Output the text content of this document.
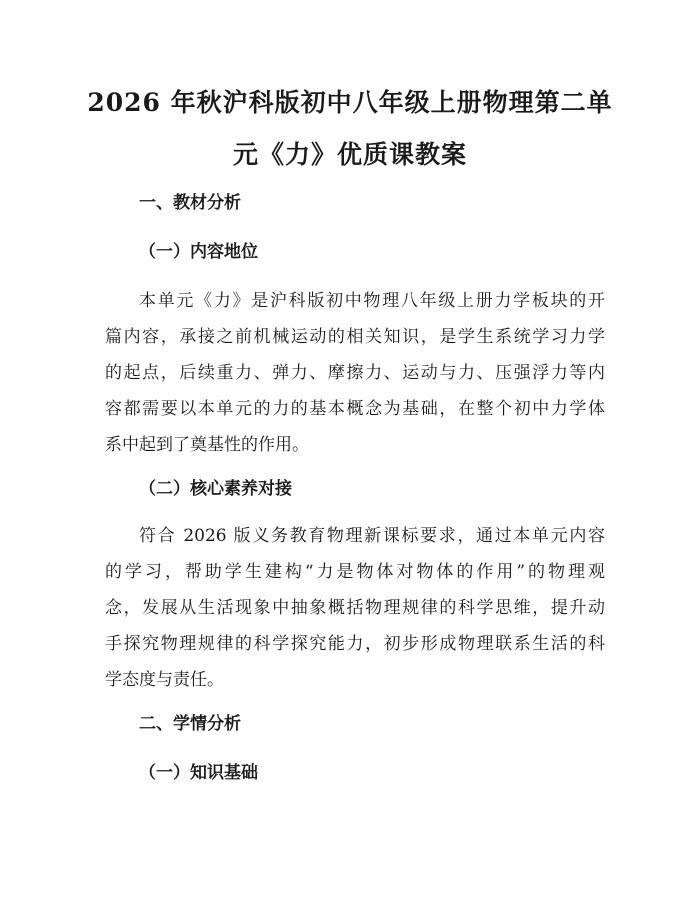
2026 年秋沪科版初中八年级上册物理第二单
元《力》优质课教案
一、教材分析
（一）内容地位
本单元《力》是沪科版初中物理八年级上册力学板块的开
篇内容，承接之前机械运动的相关知识，是学生系统学习力学
的起点，后续重力、弹力、摩擦力、运动与力、压强浮力等内
容都需要以本单元的力的基本概念为基础，在整个初中力学体
系中起到了奠基性的作用。
（二）核心素养对接
符合 2026 版义务教育物理新课标要求，通过本单元内容
的学习，帮助学生建构“力是物体对物体的作用”的物理观
念，发展从生活现象中抽象概括物理规律的科学思维，提升动
手探究物理规律的科学探究能力，初步形成物理联系生活的科
学态度与责任。
二、学情分析
（一）知识基础
